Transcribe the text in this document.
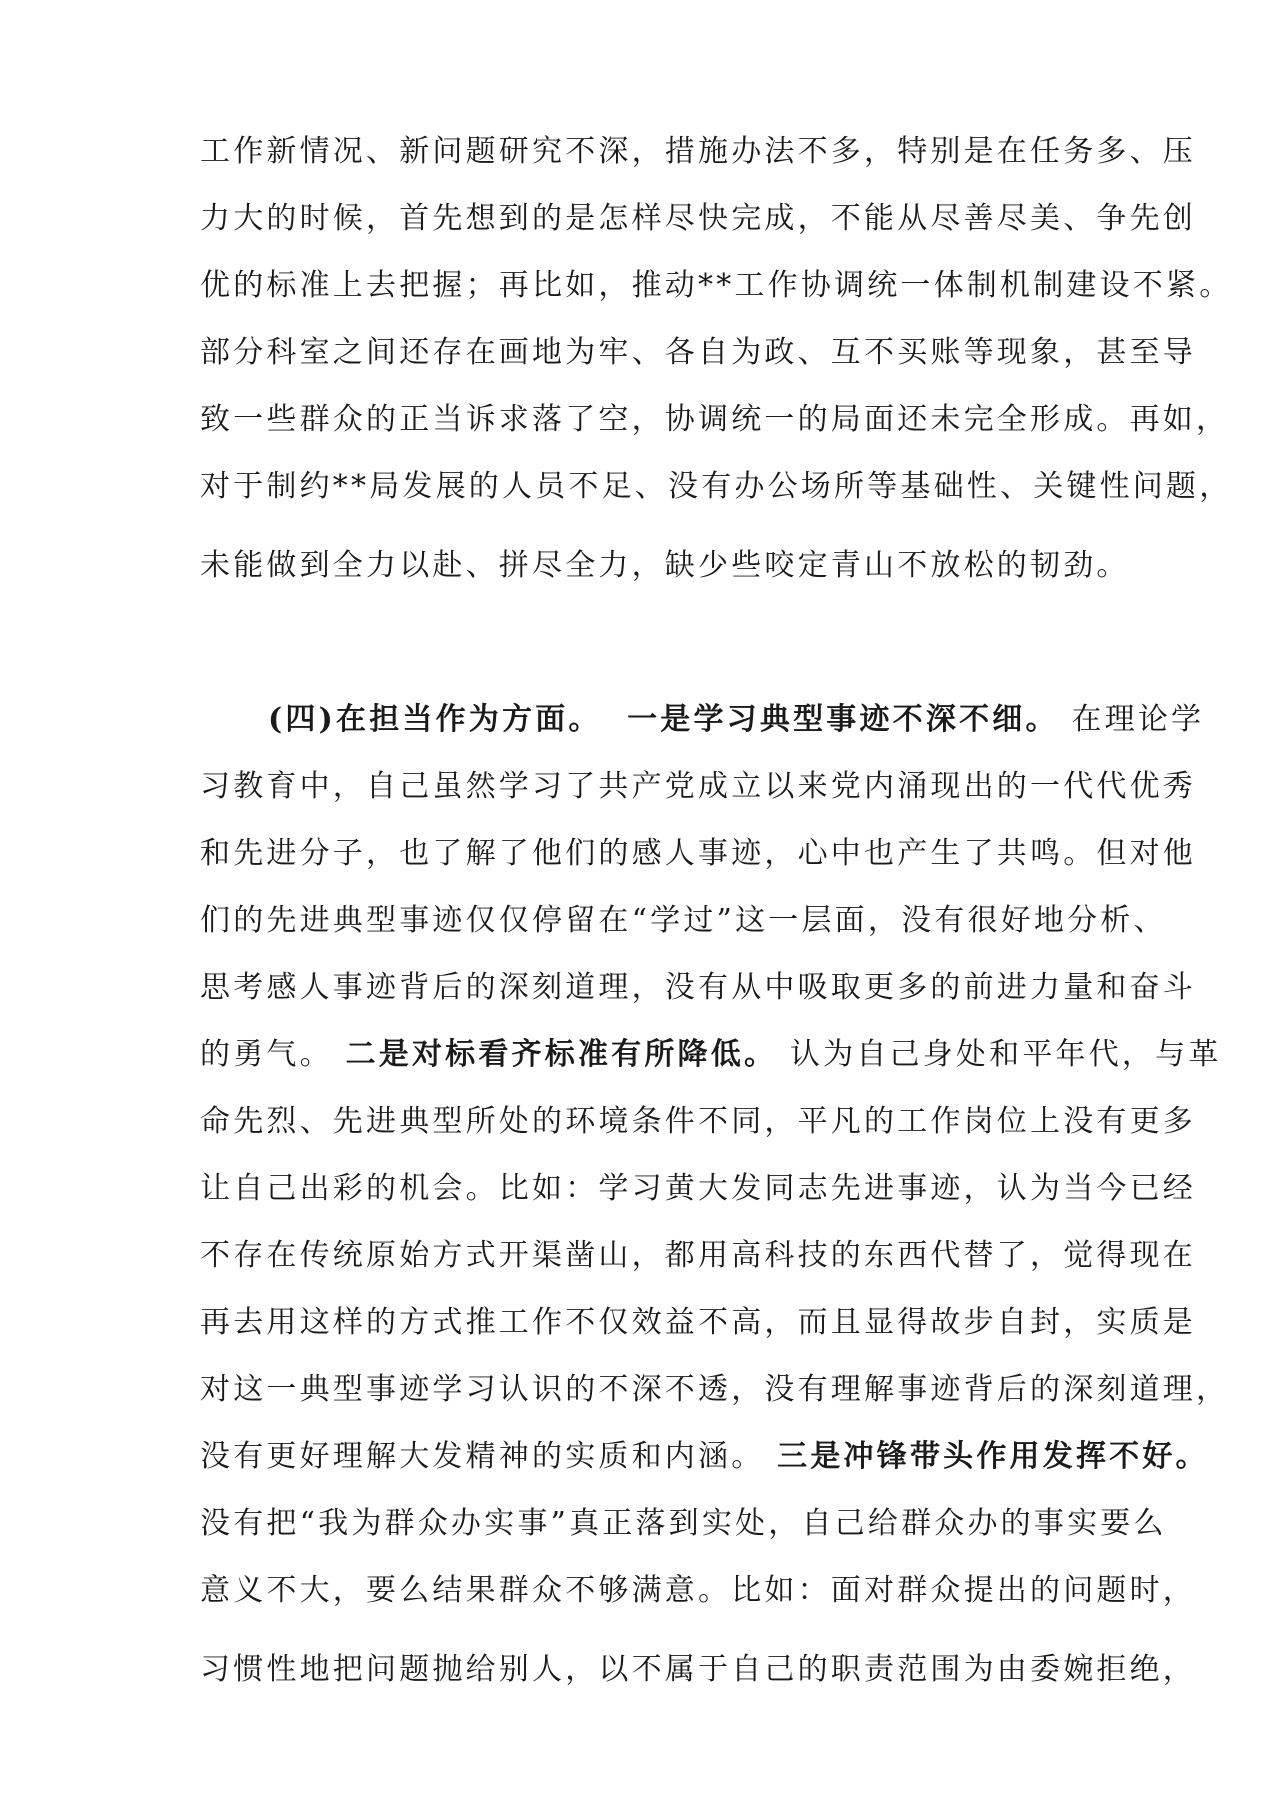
工作新情况、新问题研究不深，措施办法不多，特别是在任务多、压
力大的时候，首先想到的是怎样尽快完成，不能从尽善尽美、争先创
优的标准上去把握；再比如，推动**工作协调统一体制机制建设不紧。
部分科室之间还存在画地为牢、各自为政、互不买账等现象，甚至导
致一些群众的正当诉求落了空，协调统一的局面还未完全形成。再如，
对于制约**局发展的人员不足、没有办公场所等基础性、关键性问题，
未能做到全力以赴、拼尽全力，缺少些咬定青山不放松的韧劲。
(四)在担当作为方面。 一是学习典型事迹不深不细。 在理论学
习教育中，自己虽然学习了共产党成立以来党内涌现出的一代代优秀
和先进分子，也了解了他们的感人事迹，心中也产生了共鸣。但对他
们的先进典型事迹仅仅停留在“学过”这一层面，没有很好地分析、
思考感人事迹背后的深刻道理，没有从中吸取更多的前进力量和奋斗
的勇气。 二是对标看齐标准有所降低。 认为自己身处和平年代，与革
命先烈、先进典型所处的环境条件不同，平凡的工作岗位上没有更多
让自己出彩的机会。比如：学习黄大发同志先进事迹，认为当今已经
不存在传统原始方式开渠凿山，都用高科技的东西代替了，觉得现在
再去用这样的方式推工作不仅效益不高，而且显得故步自封，实质是
对这一典型事迹学习认识的不深不透，没有理解事迹背后的深刻道理，
没有更好理解大发精神的实质和内涵。 三是冲锋带头作用发挥不好。
没有把“我为群众办实事”真正落到实处，自己给群众办的事实要么
意义不大，要么结果群众不够满意。比如：面对群众提出的问题时，
习惯性地把问题抛给别人，以不属于自己的职责范围为由委婉拒绝，
